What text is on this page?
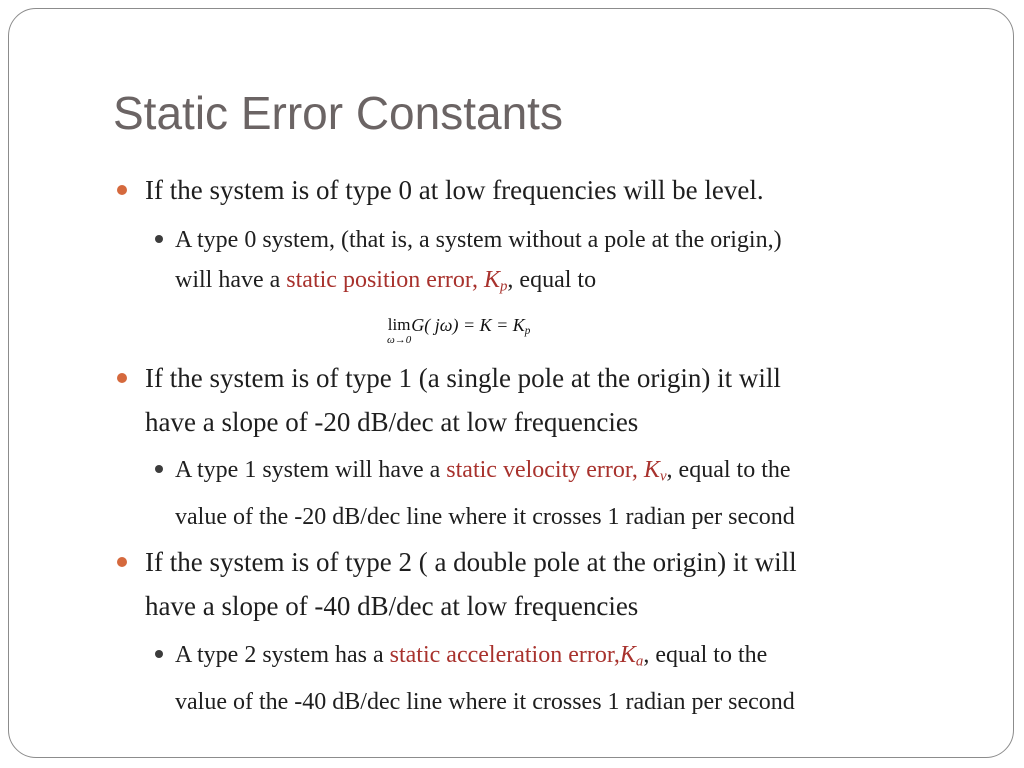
Static Error Constants
If the system is of type 0 at low frequencies will be level.
A type 0 system, (that is, a system without a pole at the origin,)
will have a static position error, $K_p$, equal to
lim
ω→0
G( $j\omega) = K = K_p$
If the system is of type 1 (a single pole at the origin) it will
have a slope of -20 dB/dec at low frequencies
A type 1 system will have a static velocity error, $K_v$, equal to the
value of the -20 dB/dec line where it crosses 1 radian per second
If the system is of type 2 ( a double pole at the origin) it will
have a slope of -40 dB/dec at low frequencies
A type 2 system has a static acceleration $error,K_a$, equal to the
value of the -40 dB/dec line where it crosses 1 radian per second
